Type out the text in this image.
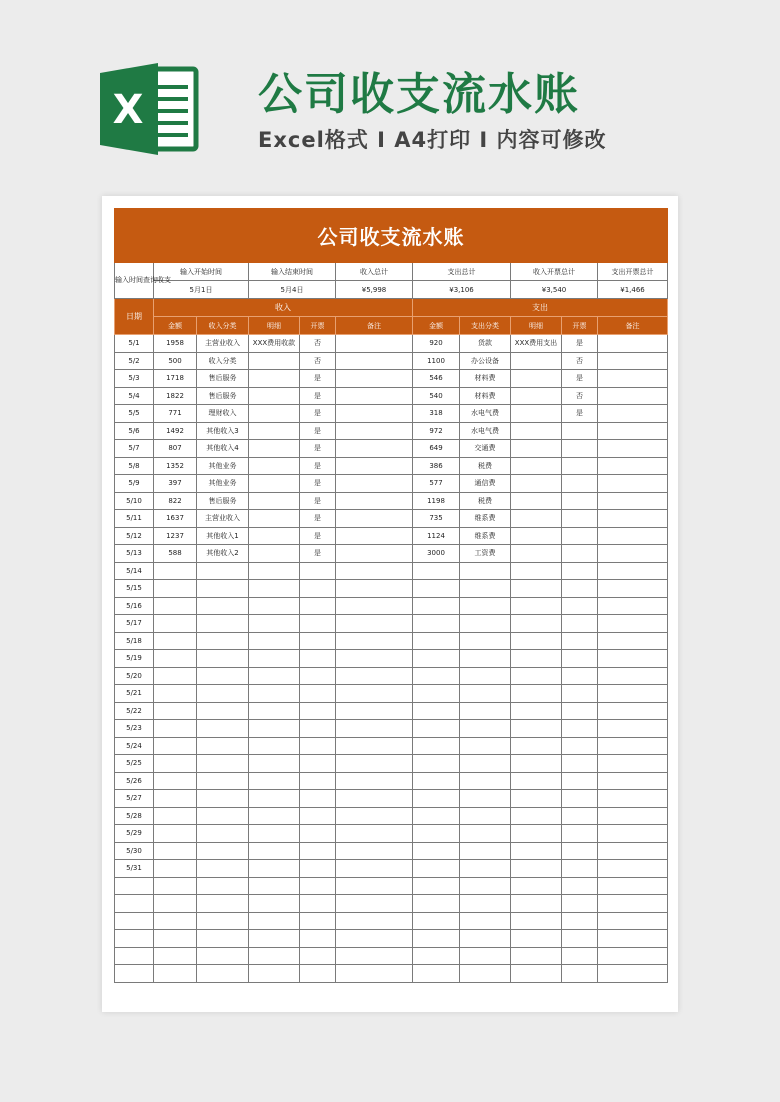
X	公司收支流水账
Excel格式 I A4打印 I 内容可修改
公司收支流水账										
输入时间查询收支	输入开始时间		输入结束时间		收入总计	支出总计		收入开票总计		支出开票总计
	5月1日		5月4日		¥5,998	¥3,106		¥3,540		¥1,466
日期	收入					支出				
	金额	收入分类	明细	开票	备注	金额	支出分类	明细	开票	备注
5/1	1958	主营业收入	XXX费用收款	否		920	货款	XXX费用支出	是	
5/2	500	收入分类		否		1100	办公设备		否	
5/3	1718	售后服务		是		546	材料费		是	
5/4	1822	售后服务		是		540	材料费		否	
5/5	771	理财收入		是		318	水电气费		是	
5/6	1492	其他收入3		是		972	水电气费			
5/7	807	其他收入4		是		649	交通费			
5/8	1352	其他业务		是		386	税费			
5/9	397	其他业务		是		577	通信费			
5/10	822	售后服务		是		1198	税费			
5/11	1637	主营业收入		是		735	维系费			
5/12	1237	其他收入1		是		1124	维系费			
5/13	588	其他收入2		是		3000	工资费			
5/14										
5/15										
5/16										
5/17										
5/18										
5/19										
5/20										
5/21										
5/22										
5/23										
5/24										
5/25										
5/26										
5/27										
5/28										
5/29										
5/30										
5/31										
